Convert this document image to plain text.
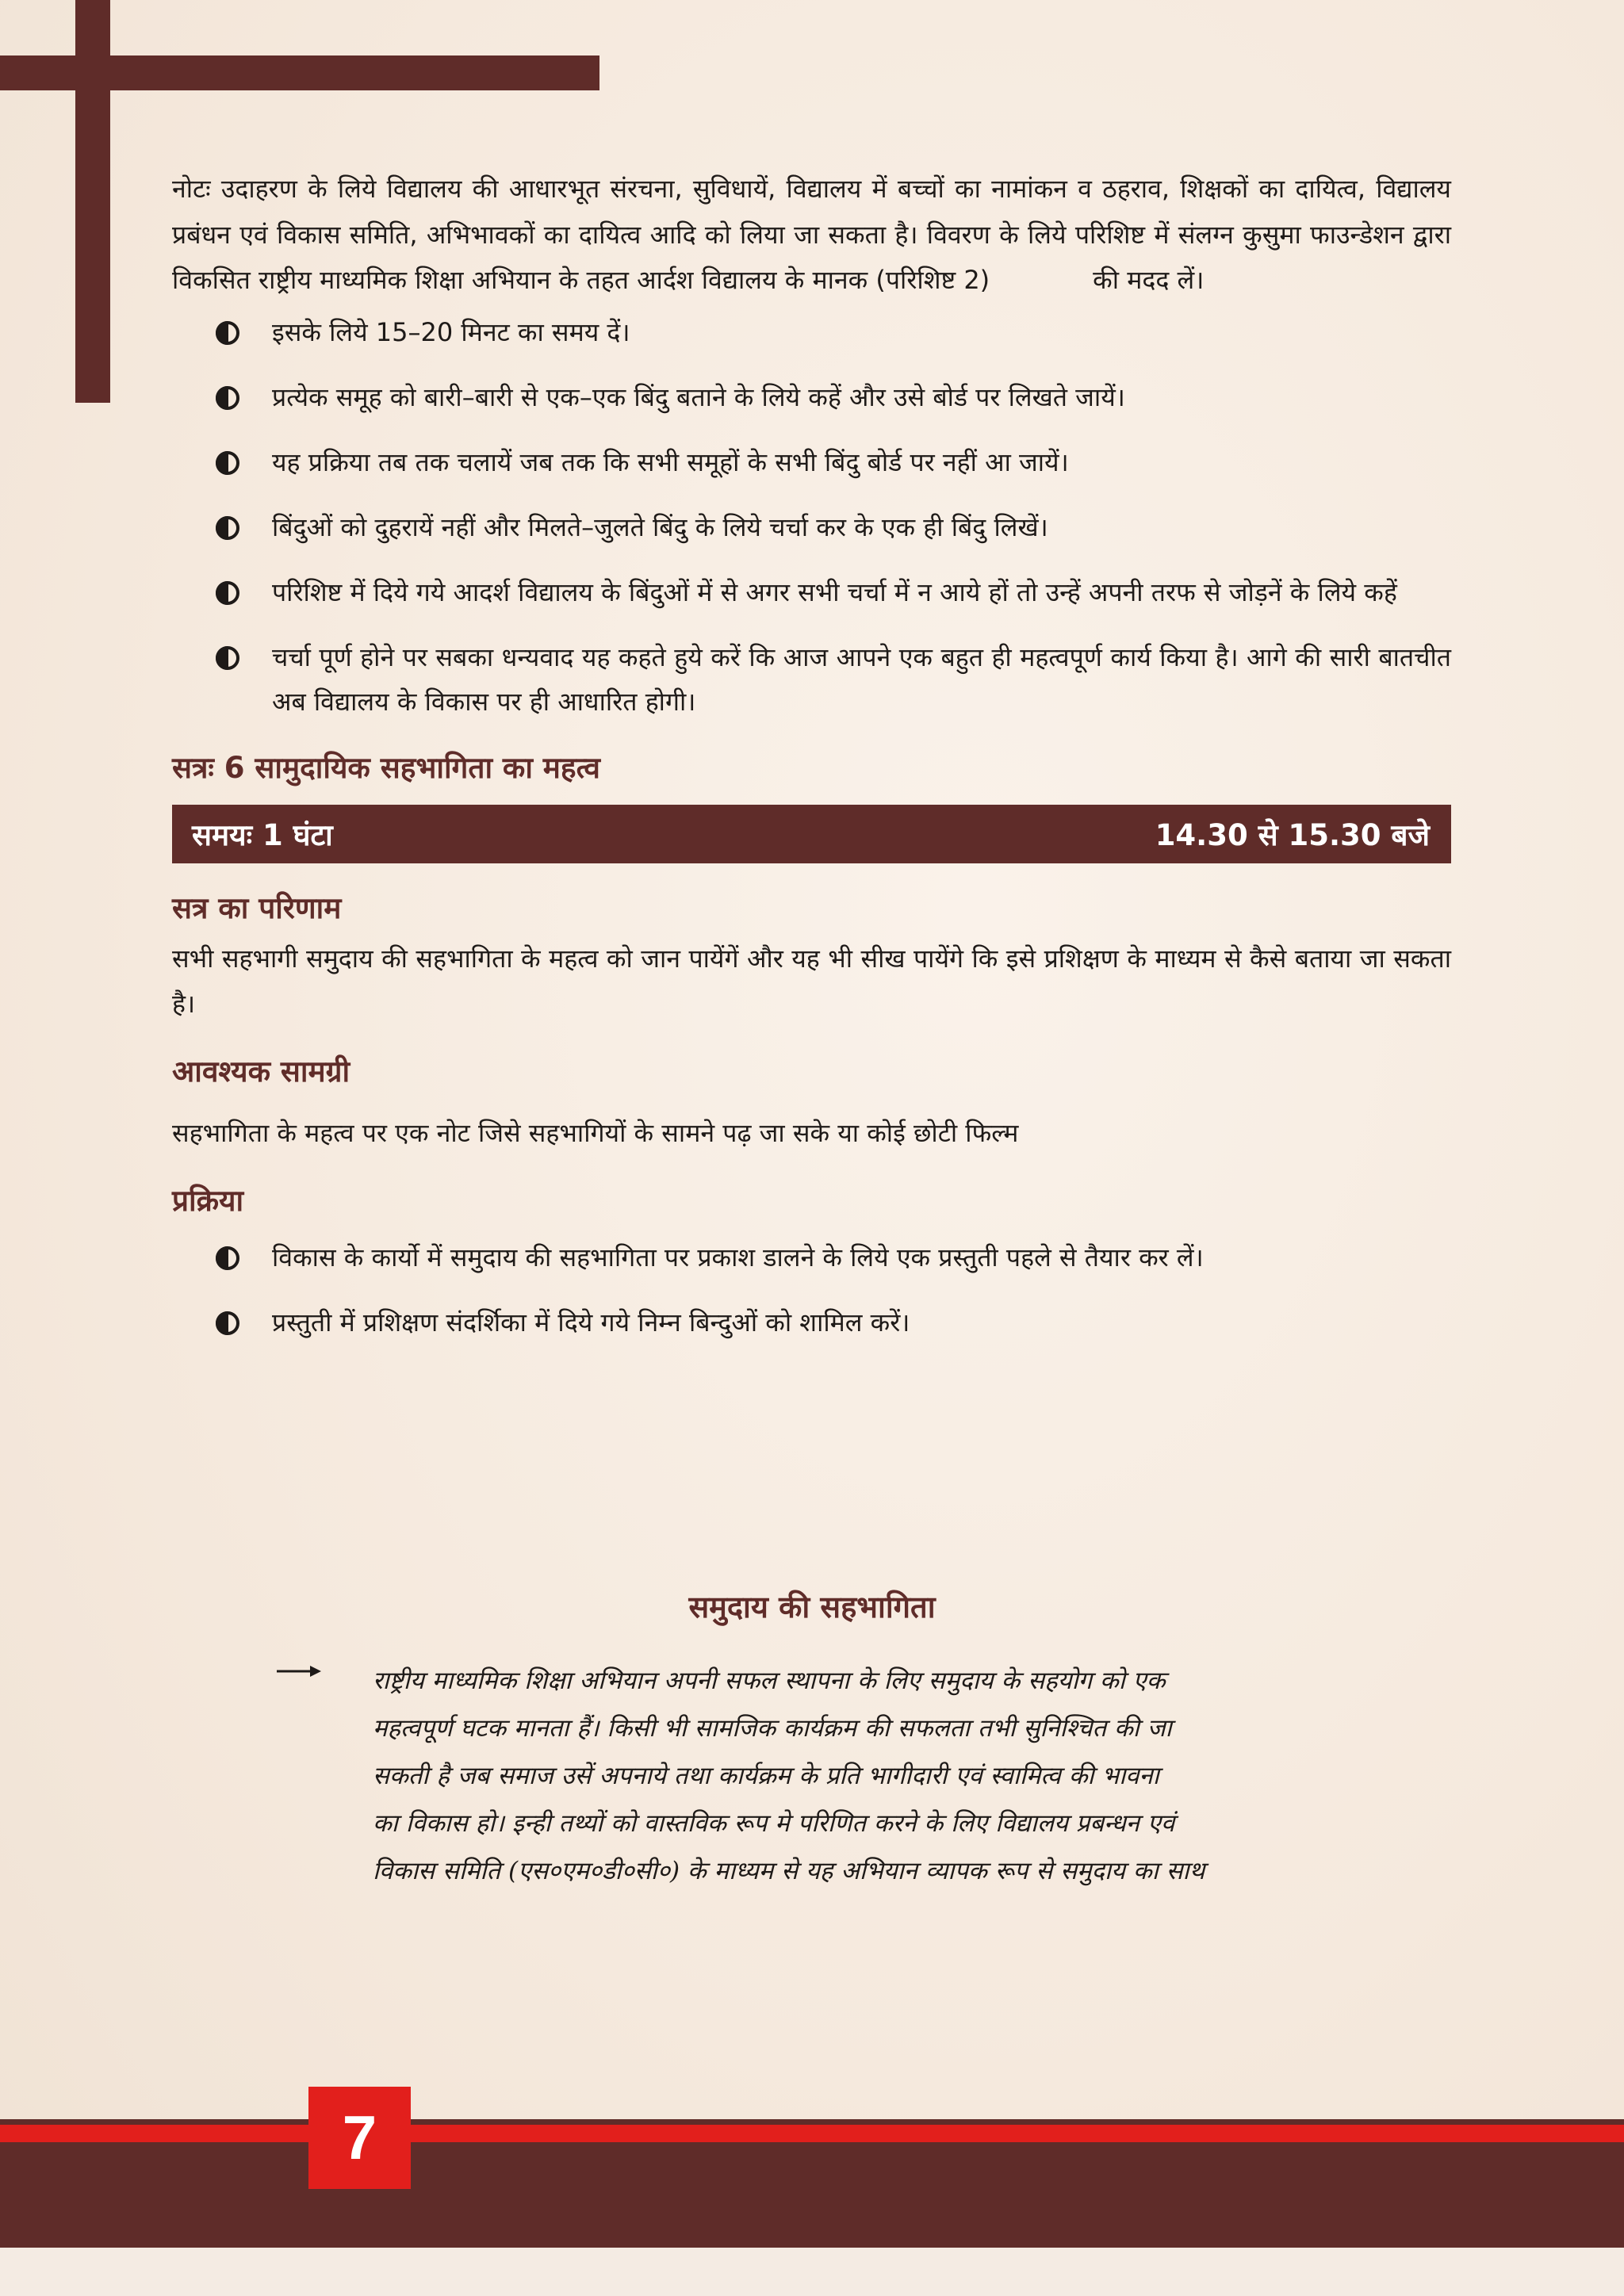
नोटः उदाहरण के लिये विद्यालय की आधारभूत संरचना, सुविधायें, विद्यालय में बच्चों का नामांकन व ठहराव, शिक्षकों का दायित्व, विद्यालय प्रबंधन एवं विकास समिति, अभिभावकों का दायित्व आदि को लिया जा सकता है। विवरण के लिये परिशिष्ट में संलग्न कुसुमा फाउन्डेशन द्वारा विकसित राष्ट्रीय माध्यमिक शिक्षा अभियान के तहत आर्दश विद्यालय के मानक (परिशिष्ट 2)	की मदद लें।

इसके लिये 15–20 मिनट का समय दें।
प्रत्येक समूह को बारी–बारी से एक–एक बिंदु बताने के लिये कहें और उसे बोर्ड पर लिखते जायें।
यह प्रक्रिया तब तक चलायें जब तक कि सभी समूहों के सभी बिंदु बोर्ड पर नहीं आ जायें।
बिंदुओं को दुहरायें नहीं और मिलते–जुलते बिंदु के लिये चर्चा कर के एक ही बिंदु लिखें।
परिशिष्ट में दिये गये आदर्श विद्यालय के बिंदुओं में से अगर सभी चर्चा में न आये हों तो उन्हें अपनी तरफ से जोड़नें के लिये कहें
चर्चा पूर्ण होने पर सबका धन्यवाद यह कहते हुये करें कि आज आपने एक बहुत ही महत्वपूर्ण कार्य किया है। आगे की सारी बातचीत अब विद्यालय के विकास पर ही आधारित होगी।
सत्रः 6 सामुदायिक सहभागिता का महत्व
समयः 1 घंटा	14.30 से 15.30 बजे
सत्र का परिणाम

सभी सहभागी समुदाय की सहभागिता के महत्व को जान पायेंगें और यह भी सीख पायेंगे कि इसे प्रशिक्षण के माध्यम से कैसे बताया जा सकता है।

आवश्यक सामग्री

सहभागिता के महत्व पर एक नोट जिसे सहभागियों के सामने पढ़ जा सके या कोई छोटी फिल्म

प्रक्रिया
विकास के कार्यो में समुदाय की सहभागिता पर प्रकाश डालने के लिये एक प्रस्तुती पहले से तैयार कर लें।
प्रस्तुती में प्रशिक्षण संदर्शिका में दिये गये निम्न बिन्दुओं को शामिल करें।
समुदाय की सहभागिता
राष्ट्रीय माध्यमिक शिक्षा अभियान अपनी सफल स्थापना के लिए समुदाय के सहयोग को एक
महत्वपूर्ण घटक मानता हैं। किसी भी सामजिक कार्यक्रम की सफलता तभी सुनिश्चित की जा
सकती है जब समाज उसें अपनाये तथा कार्यक्रम के प्रति भागीदारी एवं स्वामित्व की भावना
का विकास हो। इन्ही तथ्यों को वास्तविक रूप मे परिणित करने के लिए विद्यालय प्रबन्धन एवं
विकास समिति (एस०एम०डी०सी०) के माध्यम से यह अभियान व्यापक रूप से समुदाय का साथ
7
